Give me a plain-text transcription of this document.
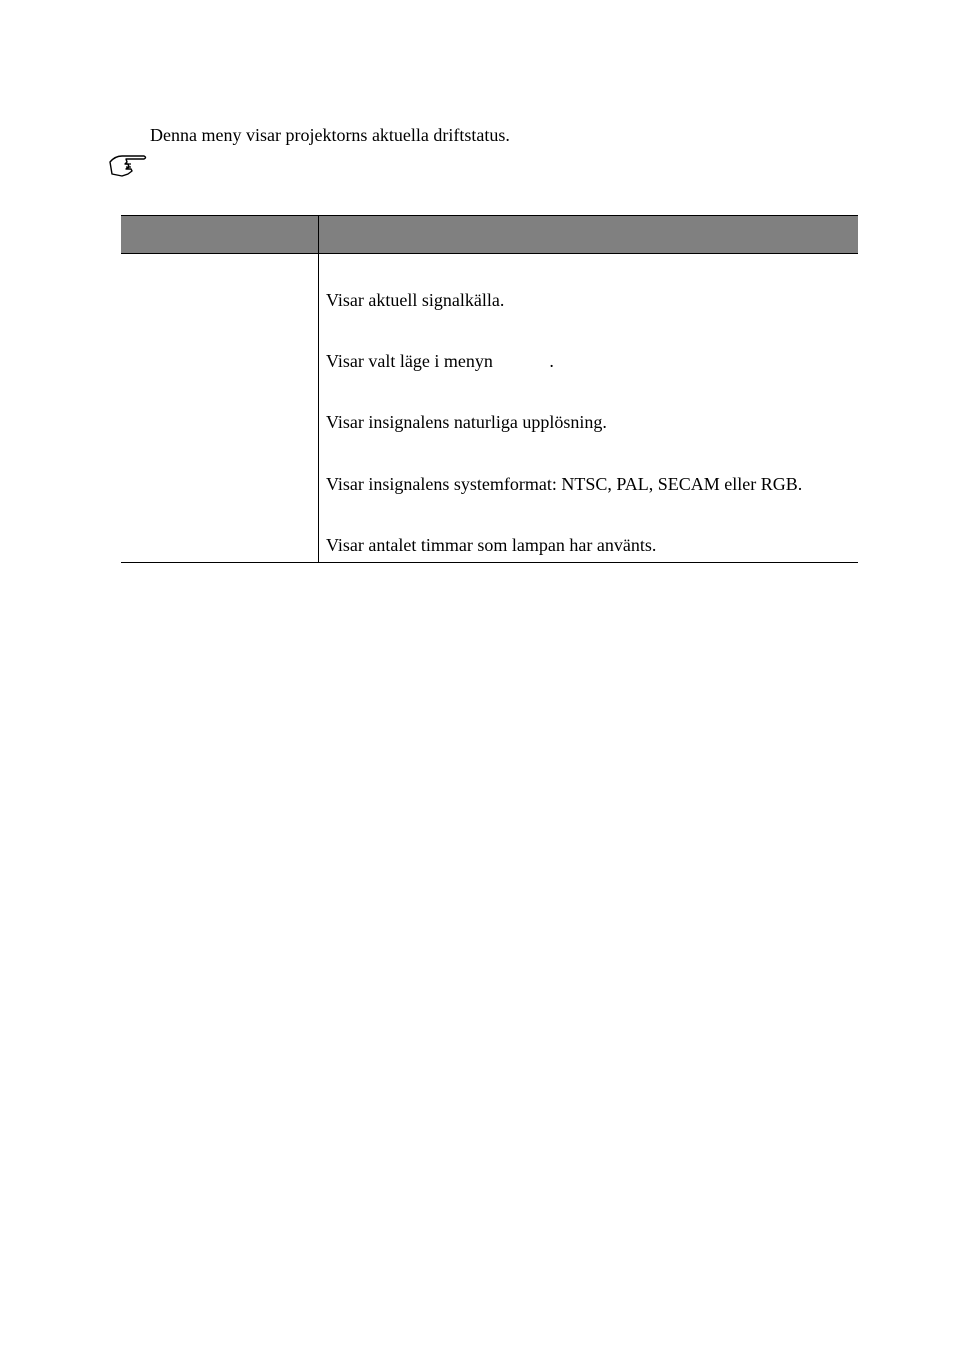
Denna meny visar projektorns aktuella driftstatus.
Visar aktuell signalkälla.
Visar valt läge i menyn	.
Visar insignalens naturliga upplösning.
Visar insignalens systemformat: NTSC, PAL, SECAM eller RGB.
Visar antalet timmar som lampan har använts.
